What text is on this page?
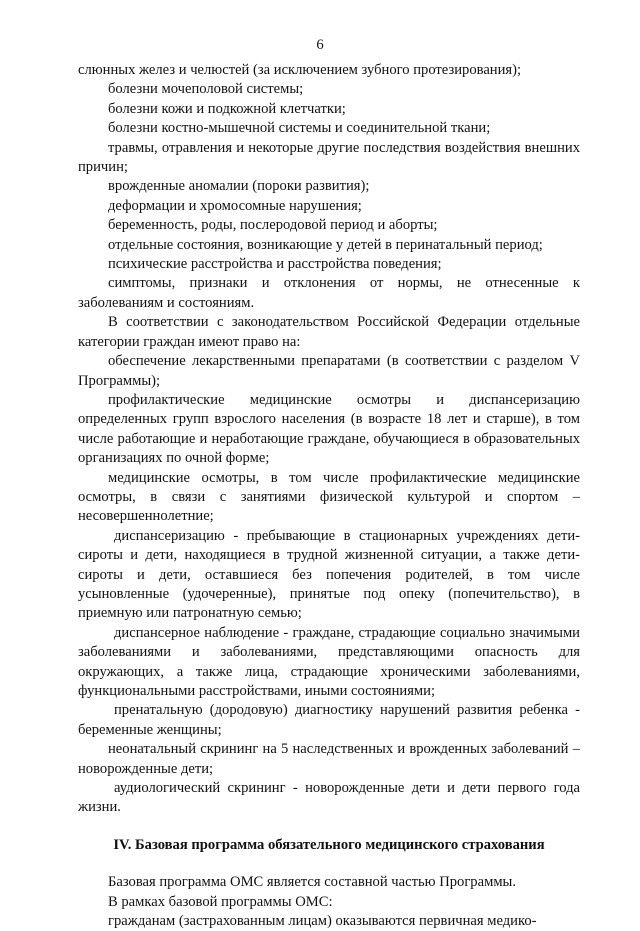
6

слюнных желез и челюстей (за исключением зубного протезирования);

болезни мочеполовой системы;

болезни кожи и подкожной клетчатки;

болезни костно-мышечной системы и соединительной ткани;

травмы, отравления и некоторые другие последствия воздействия внешних причин;

врожденные аномалии (пороки развития);

деформации и хромосомные нарушения;

беременность, роды, послеродовой период и аборты;

отдельные состояния, возникающие у детей в перинатальный период;

психические расстройства и расстройства поведения;

симптомы, признаки и отклонения от нормы, не отнесенные к заболеваниям и состояниям.

В соответствии с законодательством Российской Федерации отдельные категории граждан имеют право на:

обеспечение лекарственными препаратами (в соответствии с разделом V Программы);

профилактические медицинские осмотры и диспансеризацию определенных групп взрослого населения (в возрасте 18 лет и старше), в том числе работающие и неработающие граждане, обучающиеся в образовательных организациях по очной форме;

медицинские осмотры, в том числе профилактические медицинские осмотры, в связи с занятиями физической культурой и спортом – несовершеннолетние;

диспансеризацию - пребывающие в стационарных учреждениях дети-сироты и дети, находящиеся в трудной жизненной ситуации, а также дети-сироты и дети, оставшиеся без попечения родителей, в том числе усыновленные (удочеренные), принятые под опеку (попечительство), в приемную или патронатную семью;

диспансерное наблюдение - граждане, страдающие социально значимыми заболеваниями и заболеваниями, представляющими опасность для окружающих, а также лица, страдающие хроническими заболеваниями, функциональными расстройствами, иными состояниями;

пренатальную (дородовую) диагностику нарушений развития ребенка - беременные женщины;

неонатальный скрининг на 5 наследственных и врожденных заболеваний – новорожденные дети;

аудиологический скрининг - новорожденные дети и дети первого года жизни.

IV. Базовая программа обязательного медицинского страхования

Базовая программа ОМС является составной частью Программы.

В рамках базовой программы ОМС:

гражданам (застрахованным лицам) оказываются первичная медико-
